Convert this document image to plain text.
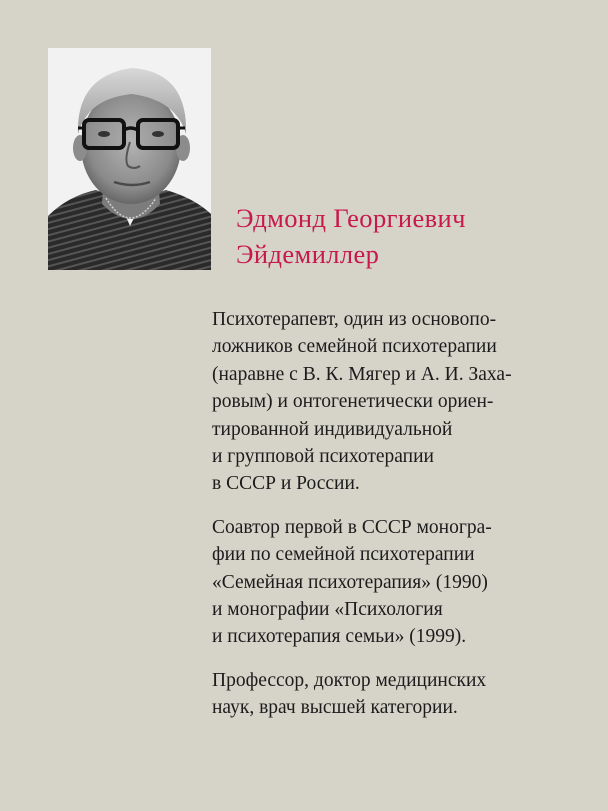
Эдмонд Георгиевич
Эйдемиллер

Психотерапевт, один из основопо-
ложников семейной психотерапии
(наравне с В. К. Мягер и А. И. Заха-
ровым) и онтогенетически ориен-
тированной индивидуальной
и групповой психотерапии
в СССР и России.

Соавтор первой в СССР моногра-
фии по семейной психотерапии
«Семейная психотерапия» (1990)
и монографии «Психология
и психотерапия семьи» (1999).

Профессор, доктор медицинских
наук, врач высшей категории.
